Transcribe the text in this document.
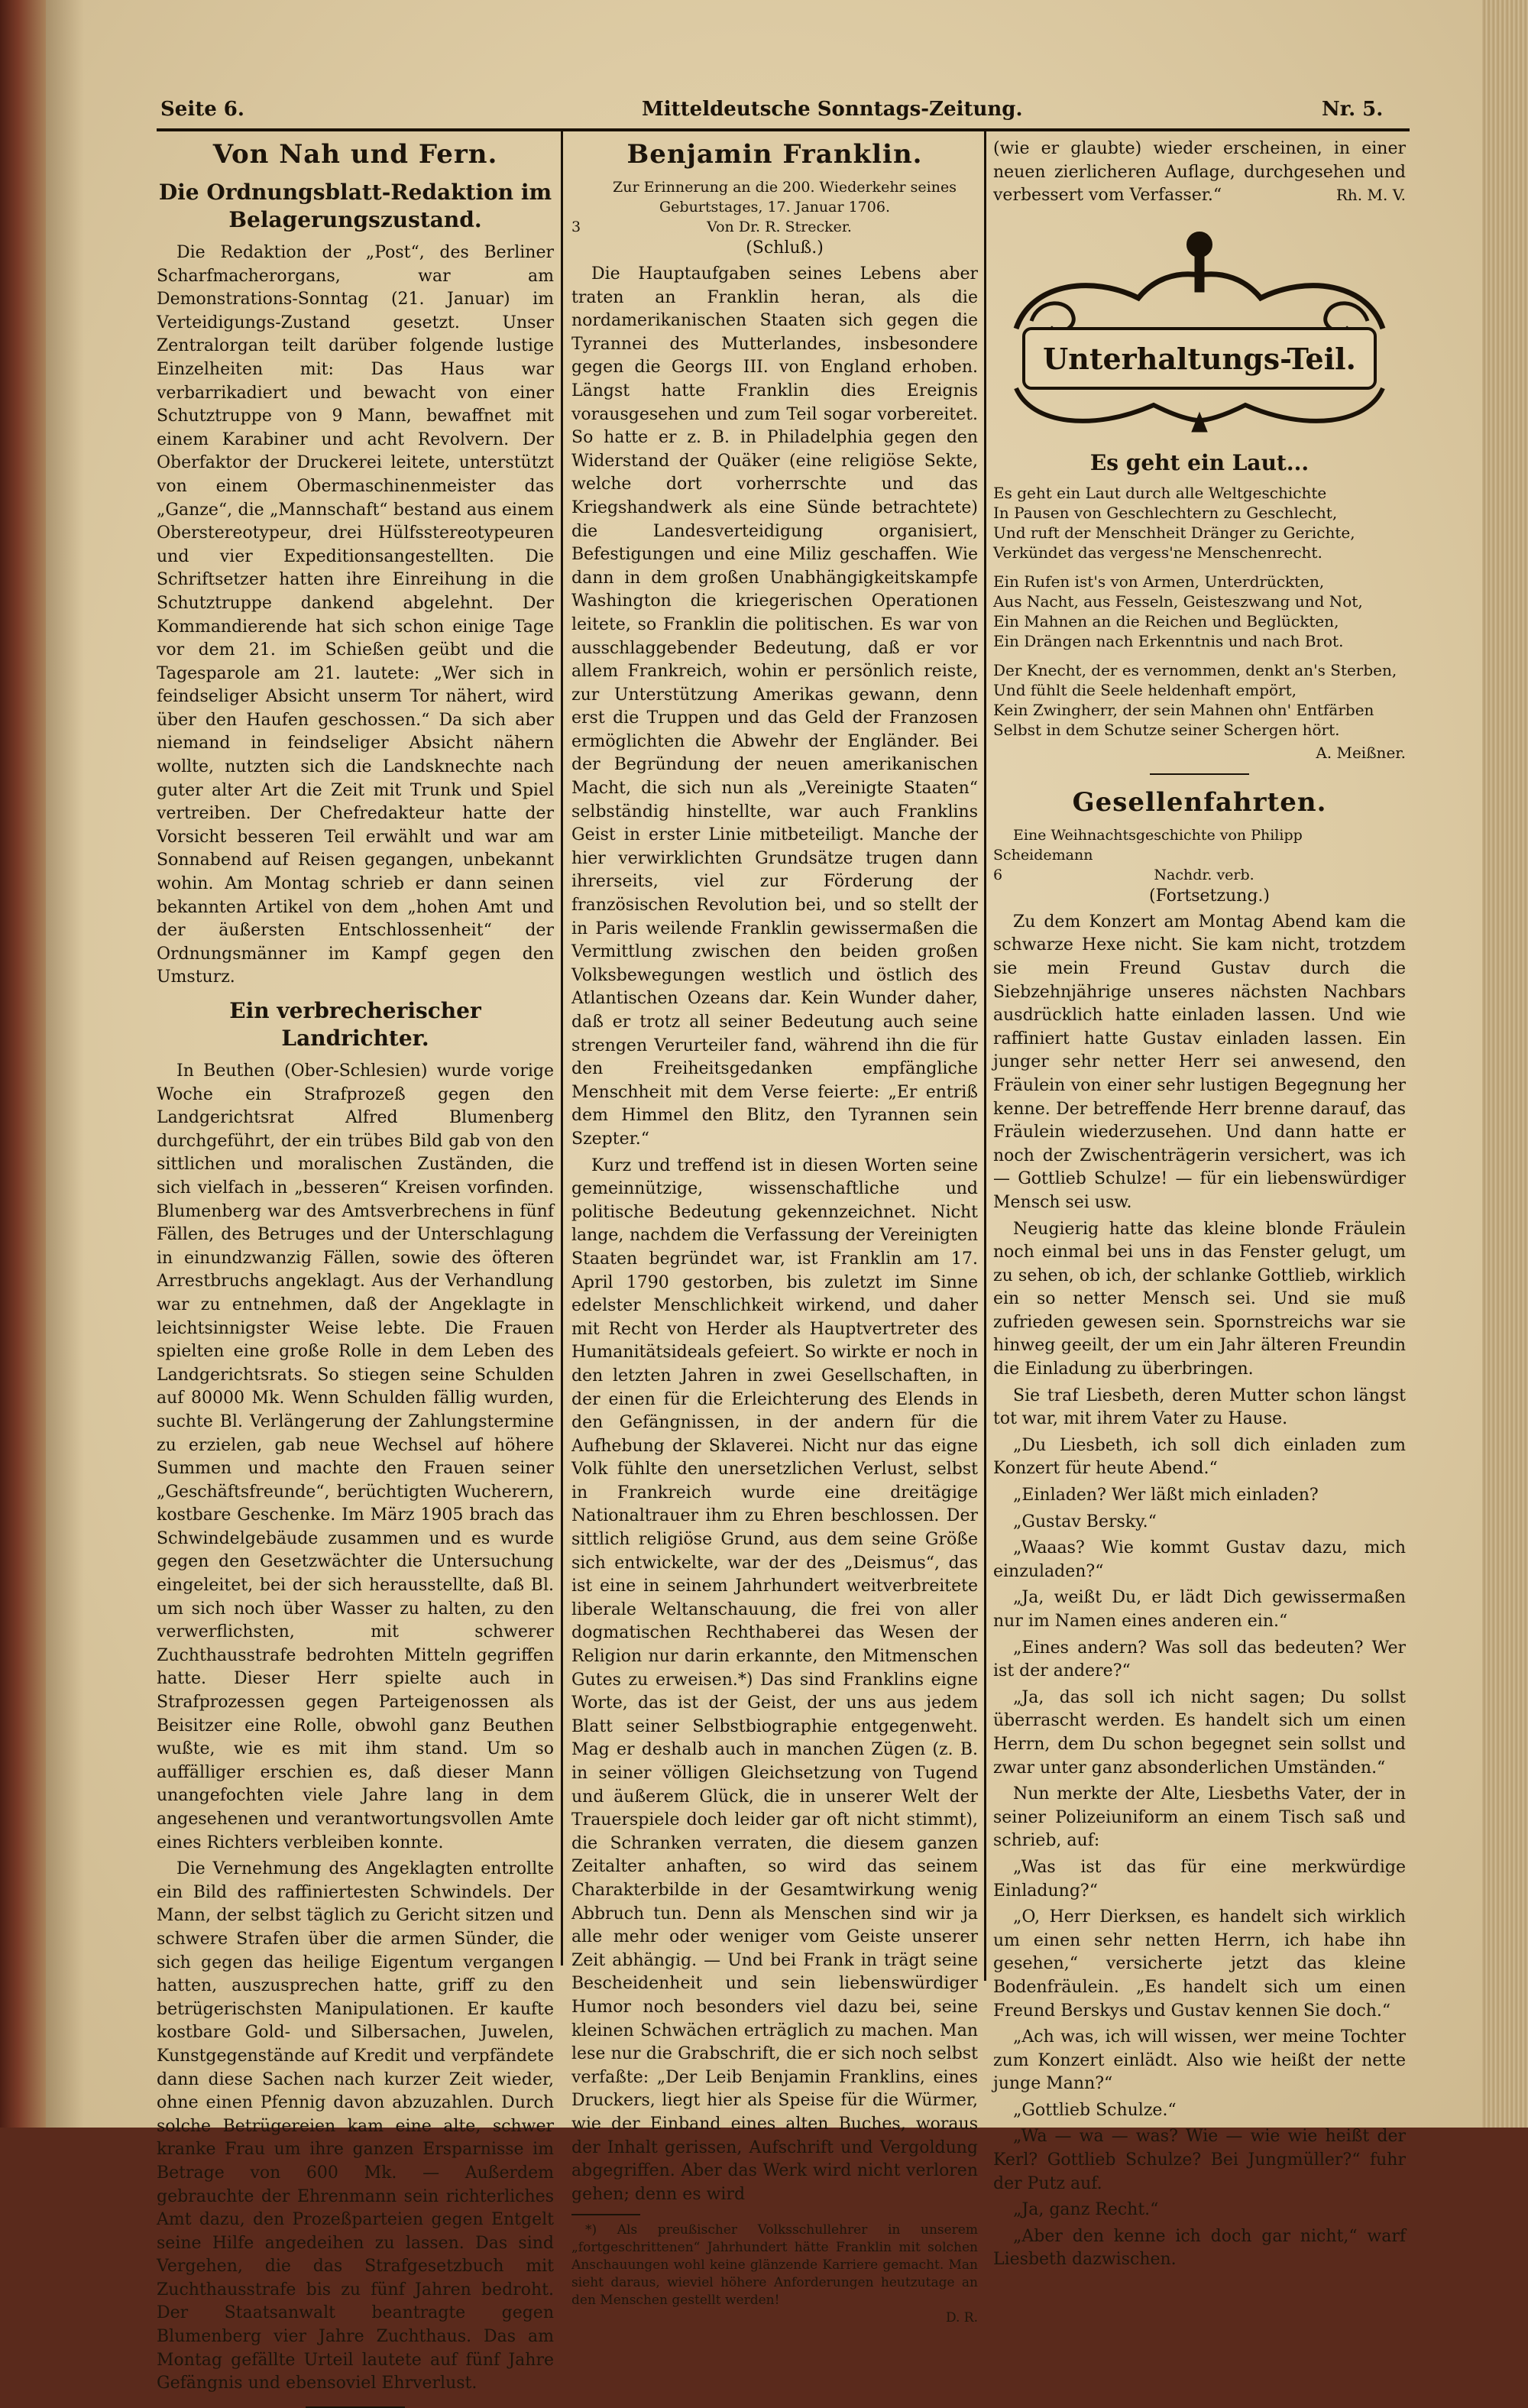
Seite 6.	Mitteldeutsche Sonntags-Zeitung.	Nr. 5.
Von Nah und Fern.
Die Ordnungsblatt-Redaktion im Belagerungszustand.

Die Redaktion der „Post“, des Berliner Scharfmacherorgans, war am Demonstrations-Sonntag (21. Januar) im Verteidigungs-Zustand gesetzt. Unser Zentralorgan teilt darüber folgende lustige Einzelheiten mit: Das Haus war verbarrikadiert und bewacht von einer Schutztruppe von 9 Mann, bewaffnet mit einem Karabiner und acht Revolvern. Der Oberfaktor der Druckerei leitete, unterstützt von einem Obermaschinenmeister das „Ganze“, die „Mannschaft“ bestand aus einem Oberstereotypeur, drei Hülfsstereotypeuren und vier Expeditionsangestellten. Die Schriftsetzer hatten ihre Einreihung in die Schutztruppe dankend abgelehnt. Der Kommandierende hat sich schon einige Tage vor dem 21. im Schießen geübt und die Tagesparole am 21. lautete: „Wer sich in feindseliger Absicht unserm Tor nähert, wird über den Haufen geschossen.“ Da sich aber niemand in feindseliger Absicht nähern wollte, nutzten sich die Landsknechte nach guter alter Art die Zeit mit Trunk und Spiel vertreiben. Der Chefredakteur hatte der Vorsicht besseren Teil erwählt und war am Sonnabend auf Reisen gegangen, unbekannt wohin. Am Montag schrieb er dann seinen bekannten Artikel von dem „hohen Amt und der äußersten Entschlossenheit“ der Ordnungsmänner im Kampf gegen den Umsturz.

Ein verbrecherischer Landrichter.

In Beuthen (Ober-Schlesien) wurde vorige Woche ein Strafprozeß gegen den Landgerichtsrat Alfred Blumenberg durchgeführt, der ein trübes Bild gab von den sittlichen und moralischen Zuständen, die sich vielfach in „besseren“ Kreisen vorfinden. Blumenberg war des Amtsverbrechens in fünf Fällen, des Betruges und der Unterschlagung in einundzwanzig Fällen, sowie des öfteren Arrestbruchs angeklagt. Aus der Verhandlung war zu entnehmen, daß der Angeklagte in leichtsinnigster Weise lebte. Die Frauen spielten eine große Rolle in dem Leben des Landgerichtsrats. So stiegen seine Schulden auf 80000 Mk. Wenn Schulden fällig wurden, suchte Bl. Verlängerung der Zahlungstermine zu erzielen, gab neue Wechsel auf höhere Summen und machte den Frauen seiner „Geschäftsfreunde“, berüchtigten Wucherern, kostbare Geschenke. Im März 1905 brach das Schwindelgebäude zusammen und es wurde gegen den Gesetzwächter die Untersuchung eingeleitet, bei der sich herausstellte, daß Bl. um sich noch über Wasser zu halten, zu den verwerflichsten, mit schwerer Zuchthausstrafe bedrohten Mitteln gegriffen hatte. Dieser Herr spielte auch in Strafprozessen gegen Parteigenossen als Beisitzer eine Rolle, obwohl ganz Beuthen wußte, wie es mit ihm stand. Um so auffälliger erschien es, daß dieser Mann unangefochten viele Jahre lang in dem angesehenen und verantwortungsvollen Amte eines Richters verbleiben konnte.

Die Vernehmung des Angeklagten entrollte ein Bild des raffiniertesten Schwindels. Der Mann, der selbst täglich zu Gericht sitzen und schwere Strafen über die armen Sünder, die sich gegen das heilige Eigentum vergangen hatten, auszusprechen hatte, griff zu den betrügerischsten Manipulationen. Er kaufte kostbare Gold- und Silbersachen, Juwelen, Kunstgegenstände auf Kredit und verpfändete dann diese Sachen nach kurzer Zeit wieder, ohne einen Pfennig davon abzuzahlen. Durch solche Betrügereien kam eine alte, schwer kranke Frau um ihre ganzen Ersparnisse im Betrage von 600 Mk. — Außerdem gebrauchte der Ehrenmann sein richterliches Amt dazu, den Prozeßparteien gegen Entgelt seine Hilfe angedeihen zu lassen. Das sind Vergehen, die das Strafgesetzbuch mit Zuchthausstrafe bis zu fünf Jahren bedroht. Der Staatsanwalt beantragte gegen Blumenberg vier Jahre Zuchthaus. Das am Montag gefällte Urteil lautete auf fünf Jahre Gefängnis und ebensoviel Ehrverlust.

Benjamin Franklin.

Zur Erinnerung an die 200. Wiederkehr seines Geburtstages, 17. Januar 1706.

3	Von Dr. R. Strecker.

(Schluß.)

Die Hauptaufgaben seines Lebens aber traten an Franklin heran, als die nordamerikanischen Staaten sich gegen die Tyrannei des Mutterlandes, insbesondere gegen die Georgs III. von England erhoben. Längst hatte Franklin dies Ereignis vorausgesehen und zum Teil sogar vorbereitet. So hatte er z. B. in Philadelphia gegen den Widerstand der Quäker (eine religiöse Sekte, welche dort vorherrschte und das Kriegshandwerk als eine Sünde betrachtete) die Landesverteidigung organisiert, Befestigungen und eine Miliz geschaffen. Wie dann in dem großen Unabhängigkeitskampfe Washington die kriegerischen Operationen leitete, so Franklin die politischen. Es war von ausschlaggebender Bedeutung, daß er vor allem Frankreich, wohin er persönlich reiste, zur Unterstützung Amerikas gewann, denn erst die Truppen und das Geld der Franzosen ermöglichten die Abwehr der Engländer. Bei der Begründung der neuen amerikanischen Macht, die sich nun als „Vereinigte Staaten“ selbständig hinstellte, war auch Franklins Geist in erster Linie mitbeteiligt. Manche der hier verwirklichten Grundsätze trugen dann ihrerseits, viel zur Förderung der französischen Revolution bei, und so stellt der in Paris weilende Franklin gewissermaßen die Vermittlung zwischen den beiden großen Volksbewegungen westlich und östlich des Atlantischen Ozeans dar. Kein Wunder daher, daß er trotz all seiner Bedeutung auch seine strengen Verurteiler fand, während ihn die für den Freiheitsgedanken empfängliche Menschheit mit dem Verse feierte: „Er entriß dem Himmel den Blitz, den Tyrannen sein Szepter.“

Kurz und treffend ist in diesen Worten seine gemeinnützige, wissenschaftliche und politische Bedeutung gekennzeichnet. Nicht lange, nachdem die Verfassung der Vereinigten Staaten begründet war, ist Franklin am 17. April 1790 gestorben, bis zuletzt im Sinne edelster Menschlichkeit wirkend, und daher mit Recht von Herder als Hauptvertreter des Humanitätsideals gefeiert. So wirkte er noch in den letzten Jahren in zwei Gesellschaften, in der einen für die Erleichterung des Elends in den Gefängnissen, in der andern für die Aufhebung der Sklaverei. Nicht nur das eigne Volk fühlte den unersetzlichen Verlust, selbst in Frankreich wurde eine dreitägige Nationaltrauer ihm zu Ehren beschlossen. Der sittlich religiöse Grund, aus dem seine Größe sich entwickelte, war der des „Deismus“, das ist eine in seinem Jahrhundert weitverbreitete liberale Weltanschauung, die frei von aller dogmatischen Rechthaberei das Wesen der Religion nur darin erkannte, den Mitmenschen Gutes zu erweisen.*) Das sind Franklins eigne Worte, das ist der Geist, der uns aus jedem Blatt seiner Selbstbiographie entgegenweht. Mag er deshalb auch in manchen Zügen (z. B. in seiner völligen Gleichsetzung von Tugend und äußerem Glück, die in unserer Welt der Trauerspiele doch leider gar oft nicht stimmt), die Schranken verraten, die diesem ganzen Zeitalter anhaften, so wird das seinem Charakterbilde in der Gesamtwirkung wenig Abbruch tun. Denn als Menschen sind wir ja alle mehr oder weniger vom Geiste unserer Zeit abhängig. — Und bei Frank in trägt seine Bescheidenheit und sein liebenswürdiger Humor noch besonders viel dazu bei, seine kleinen Schwächen erträglich zu machen. Man lese nur die Grabschrift, die er sich noch selbst verfaßte: „Der Leib Benjamin Franklins, eines Druckers, liegt hier als Speise für die Würmer, wie der Einband eines alten Buches, woraus der Inhalt gerissen, Aufschrift und Vergoldung abgegriffen. Aber das Werk wird nicht verloren gehen; denn es wird

*) Als preußischer Volksschullehrer in unserem „fortgeschrittenen“ Jahrhundert hätte Franklin mit solchen Anschauungen wohl keine glänzende Karriere gemacht. Man sieht daraus, wieviel höhere Anforderungen heutzutage an den Menschen gestellt werden!

D. R.

(wie er glaubte) wieder erscheinen, in einer neuen zierlicheren Auflage, durchgesehen und verbessert vom Verfasser.“	Rh. M. V.

Unterhaltungs-Teil.
Es geht ein Laut...

Es geht ein Laut durch alle Weltgeschichte
In Pausen von Geschlechtern zu Geschlecht,
Und ruft der Menschheit Dränger zu Gerichte,
Verkündet das vergess'ne Menschenrecht.

Ein Rufen ist's von Armen, Unterdrückten,
Aus Nacht, aus Fesseln, Geisteszwang und Not,
Ein Mahnen an die Reichen und Beglückten,
Ein Drängen nach Erkenntnis und nach Brot.

Der Knecht, der es vernommen, denkt an's Sterben,
Und fühlt die Seele heldenhaft empört,
Kein Zwingherr, der sein Mahnen ohn' Entfärben
Selbst in dem Schutze seiner Schergen hört.

A. Meißner.

Gesellenfahrten.

Eine Weihnachtsgeschichte von Philipp Scheidemann

6	Nachdr. verb.

(Fortsetzung.)

Zu dem Konzert am Montag Abend kam die schwarze Hexe nicht. Sie kam nicht, trotzdem sie mein Freund Gustav durch die Siebzehnjährige unseres nächsten Nachbars ausdrücklich hatte einladen lassen. Und wie raffiniert hatte Gustav einladen lassen. Ein junger sehr netter Herr sei anwesend, den Fräulein von einer sehr lustigen Begegnung her kenne. Der betreffende Herr brenne darauf, das Fräulein wiederzusehen. Und dann hatte er noch der Zwischenträgerin versichert, was ich — Gottlieb Schulze! — für ein liebenswürdiger Mensch sei usw.

Neugierig hatte das kleine blonde Fräulein noch einmal bei uns in das Fenster gelugt, um zu sehen, ob ich, der schlanke Gottlieb, wirklich ein so netter Mensch sei. Und sie muß zufrieden gewesen sein. Spornstreichs war sie hinweg geeilt, der um ein Jahr älteren Freundin die Einladung zu überbringen.

Sie traf Liesbeth, deren Mutter schon längst tot war, mit ihrem Vater zu Hause.

„Du Liesbeth, ich soll dich einladen zum Konzert für heute Abend.“

„Einladen? Wer läßt mich einladen?

„Gustav Bersky.“

„Waaas? Wie kommt Gustav dazu, mich einzuladen?“

„Ja, weißt Du, er lädt Dich gewissermaßen nur im Namen eines anderen ein.“

„Eines andern? Was soll das bedeuten? Wer ist der andere?“

„Ja, das soll ich nicht sagen; Du sollst überrascht werden. Es handelt sich um einen Herrn, dem Du schon begegnet sein sollst und zwar unter ganz absonderlichen Umständen.“

Nun merkte der Alte, Liesbeths Vater, der in seiner Polizeiuniform an einem Tisch saß und schrieb, auf:

„Was ist das für eine merkwürdige Einladung?“

„O, Herr Dierksen, es handelt sich wirklich um einen sehr netten Herrn, ich habe ihn gesehen,“ versicherte jetzt das kleine Bodenfräulein. „Es handelt sich um einen Freund Berskys und Gustav kennen Sie doch.“

„Ach was, ich will wissen, wer meine Tochter zum Konzert einlädt. Also wie heißt der nette junge Mann?“

„Gottlieb Schulze.“

„Wa — wa — was? Wie — wie wie heißt der Kerl? Gottlieb Schulze? Bei Jungmüller?“ fuhr der Putz auf.

„Ja, ganz Recht.“

„Aber den kenne ich doch gar nicht,“ warf Liesbeth dazwischen.
